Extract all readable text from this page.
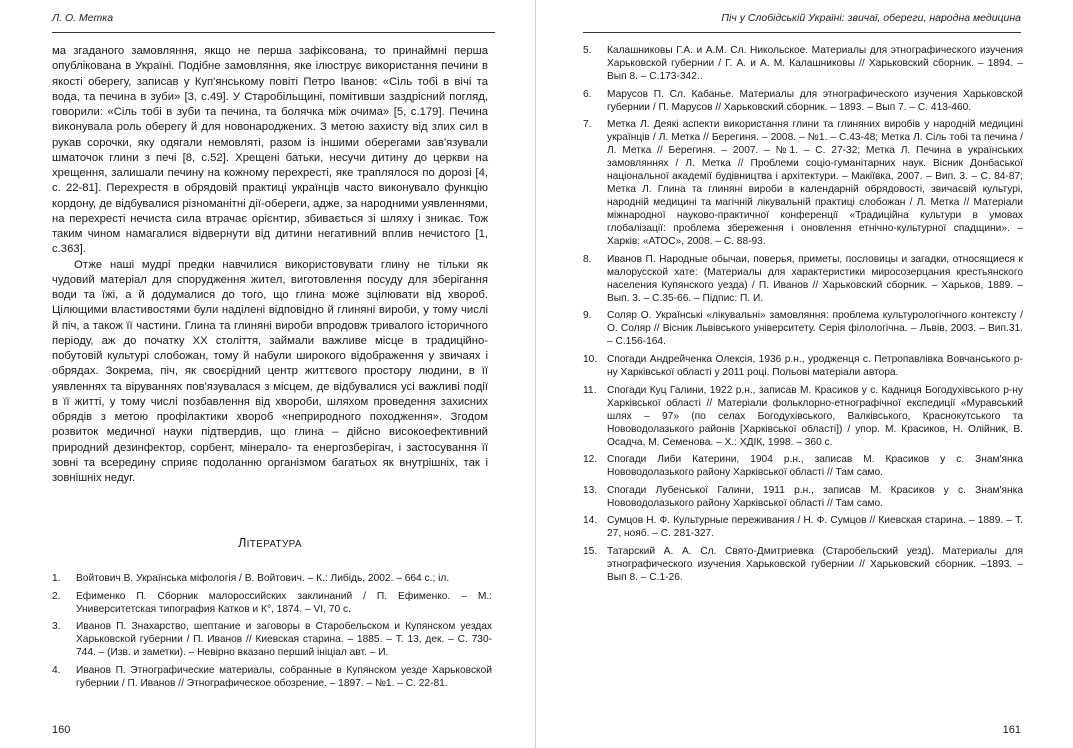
Л. О. Метка

ма згаданого замовляння, якщо не перша зафіксована, то принаймні перша опублікована в Україні. Подібне замовляння, яке ілюструє використання печини в якості оберегу, записав у Куп'янському повіті Петро Іванов: «Сіль тобі в вічі та вода, та печина в зуби» [3, с.49]. У Старобільщині, помітивши заздрісний погляд, говорили: «Сіль тобі в зуби та печина, та болячка між очима» [5, с.179]. Печина виконувала роль оберегу й для новонароджених. З метою захисту від злих сил в рукав сорочки, яку одягали немовляті, разом із іншими оберегами зав'язували шматочок глини з печі [8, с.52]. Хрещені батьки, несучи дитину до церкви на хрещення, залишали печину на кожному перехресті, яке траплялося по дорозі [4, с. 22-81]. Перехрестя в обрядовій практиці українців часто виконувало функцію кордону, де відбувалися різноманітні дії-обереги, адже, за народними уявленнями, на перехресті нечиста сила втрачає орієнтир, збивається зі шляху і зникає. Тож таким чином намагалися відвернути від дитини негативний вплив нечистого [1, с.363].

Отже наші мудрі предки навчилися використовувати глину не тільки як чудовий матеріал для спорудження жител, виготовлення посуду для зберігання води та їжі, а й додумалися до того, що глина може зцілювати від хвороб. Цілющими властивостями були наділені відповідно й глиняні вироби, у тому числі й піч, а також її частини. Глина та глиняні вироби впродовж тривалого історичного періоду, аж до початку ХХ століття, займали важливе місце в традиційно-побутовій культурі слобожан, тому й набули широкого відображення у звичаях і обрядах. Зокрема, піч, як своєрідний центр життєвого простору людини, в її уявленнях та віруваннях пов'язувалася з місцем, де відбувалися усі важливі події в її житті, у тому числі позбавлення від хвороби, шляхом проведення захисних обрядів з метою профілактики хвороб «неприродного походження». Згодом розвиток медичної науки підтвердив, що глина – дійсно високоефективний природний дезинфектор, сорбент, мінерало- та енергозберігач, і застосування її зовні та всередину сприяє подоланню організмом багатьох як внутрішніх, так і зовнішніх недуг.

ЛІТЕРАТУРА
1.	Войтович В. Українська міфологія / В. Войтович. – К.: Либідь, 2002. – 664 с.; іл.
2.	Ефименко П. Сборник малороссийских заклинаний / П. Ефименко. – М.: Университетская типография Катков и К°, 1874. – VI, 70 с.
3.	Иванов П. Знахарство, шептание и заговоры в Старобельском и Купянском уездах Харьковской губернии / П. Иванов // Киевская старина. – 1885. – Т. 13, дек. – С. 730-744. – (Изв. и заметки). – Невірно вказано перший ініціал авт. – И.
4.	Иванов П. Этнографические материалы, собранные в Купянском уезде Харьковской губернии / П. Иванов // Этнографическое обозрение. – 1897. – №1. – С. 22-81.
160
Піч у Слобідській Україні: звичаї, обереги, народна медицина
5.	Калашниковы Г.А. и А.М. Сл. Никольское. Материалы для этнографического изучения Харьковской губернии / Г. А. и А. М. Калашниковы // Харьковский сборник. – 1894. – Вып 8. – С.173-342..
6.	Марусов П. Сл. Кабанье. Материалы для этнографического изучения Харьковской губернии / П. Марусов // Харьковский сборник. – 1893. – Вып 7. – С. 413-460.
7.	Метка Л. Деякі аспекти використання глини та глиняних виробів у народній медицині українців / Л. Метка // Берегиня. – 2008. – №1. – С.43-48; Метка Л. Сіль тобі та печина / Л. Метка // Берегиня. – 2007. – №1. – С. 27-32; Метка Л. Печина в українських замовляннях / Л. Метка // Проблеми соціо-гуманітарних наук. Вісник Донбаської національної академії будівництва і архітектури. – Макіївка, 2007. – Вип. 3. – С. 84-87; Метка Л. Глина та глиняні вироби в календарній обрядовості, звичаєвій культурі, народній медицині та магічній лікувальній практиці слобожан / Л. Метка // Матеріали міжнародної науково-практичної конференції «Традиційна культури в умовах глобалізації: проблема збереження і оновлення етнічно-культурної спадщини». – Харків: «АТОС», 2008. – С. 88-93.
8.	Иванов П. Народные обычаи, поверья, приметы, пословицы и загадки, относящиеся к малорусской хате: (Материалы для характеристики миросозерцания крестьянского населения Купянского уезда) / П. Иванов // Харьковский сборник. – Харьков, 1889. – Вып. 3. – С.35-66. – Підпис: П. И.
9.	Соляр О. Українські «лікувальні» замовляння: проблема культурологічного контексту / О. Соляр // Вісник Львівського університету. Серія філологічна. – Львів, 2003. – Вип.31. – С.156-164.
10. Спогади Андрейченка Олексія, 1936 р.н., уродженця с. Петропавлівка Вовчанського р-ну Харківської області у 2011 році. Польові матеріали автора.
11.	Спогади Куц Галини, 1922 р.н., записав М. Красиков у с. Кадниця Богодухівського р-ну Харківської області // Матеріали фольклорно-етнографічної експедиції «Муравський шлях – 97» (по селах Богодухівського, Валківського, Краснокутського та Нововодолазького районів [Харківської області]) / упор. М. Красиков, Н. Олійник, В. Осадча, М. Семенова. – Х.: ХДІК, 1998. – 360 с.
12. Спогади Либи Катерини, 1904 р.н., записав М. Красиков у с. Знам'янка Нововодолазького району Харківської області // Там само.
13. Спогади Лубенської Галини, 1911 р.н., записав М. Красиков у с. Знам'янка Нововодолазького району Харківської області // Там само.
14. Сумцов Н. Ф. Культурные переживания / Н. Ф. Сумцов // Киевская старина. – 1889. – Т. 27, нояб. – С. 281-327.
15. Татарский А. А. Сл. Свято-Дмитриевка (Старобельский уезд). Материалы для этнографического изучения Харьковской губернии // Харьковский сборник. –1893. – Вып 8. – С.1-26.
161
